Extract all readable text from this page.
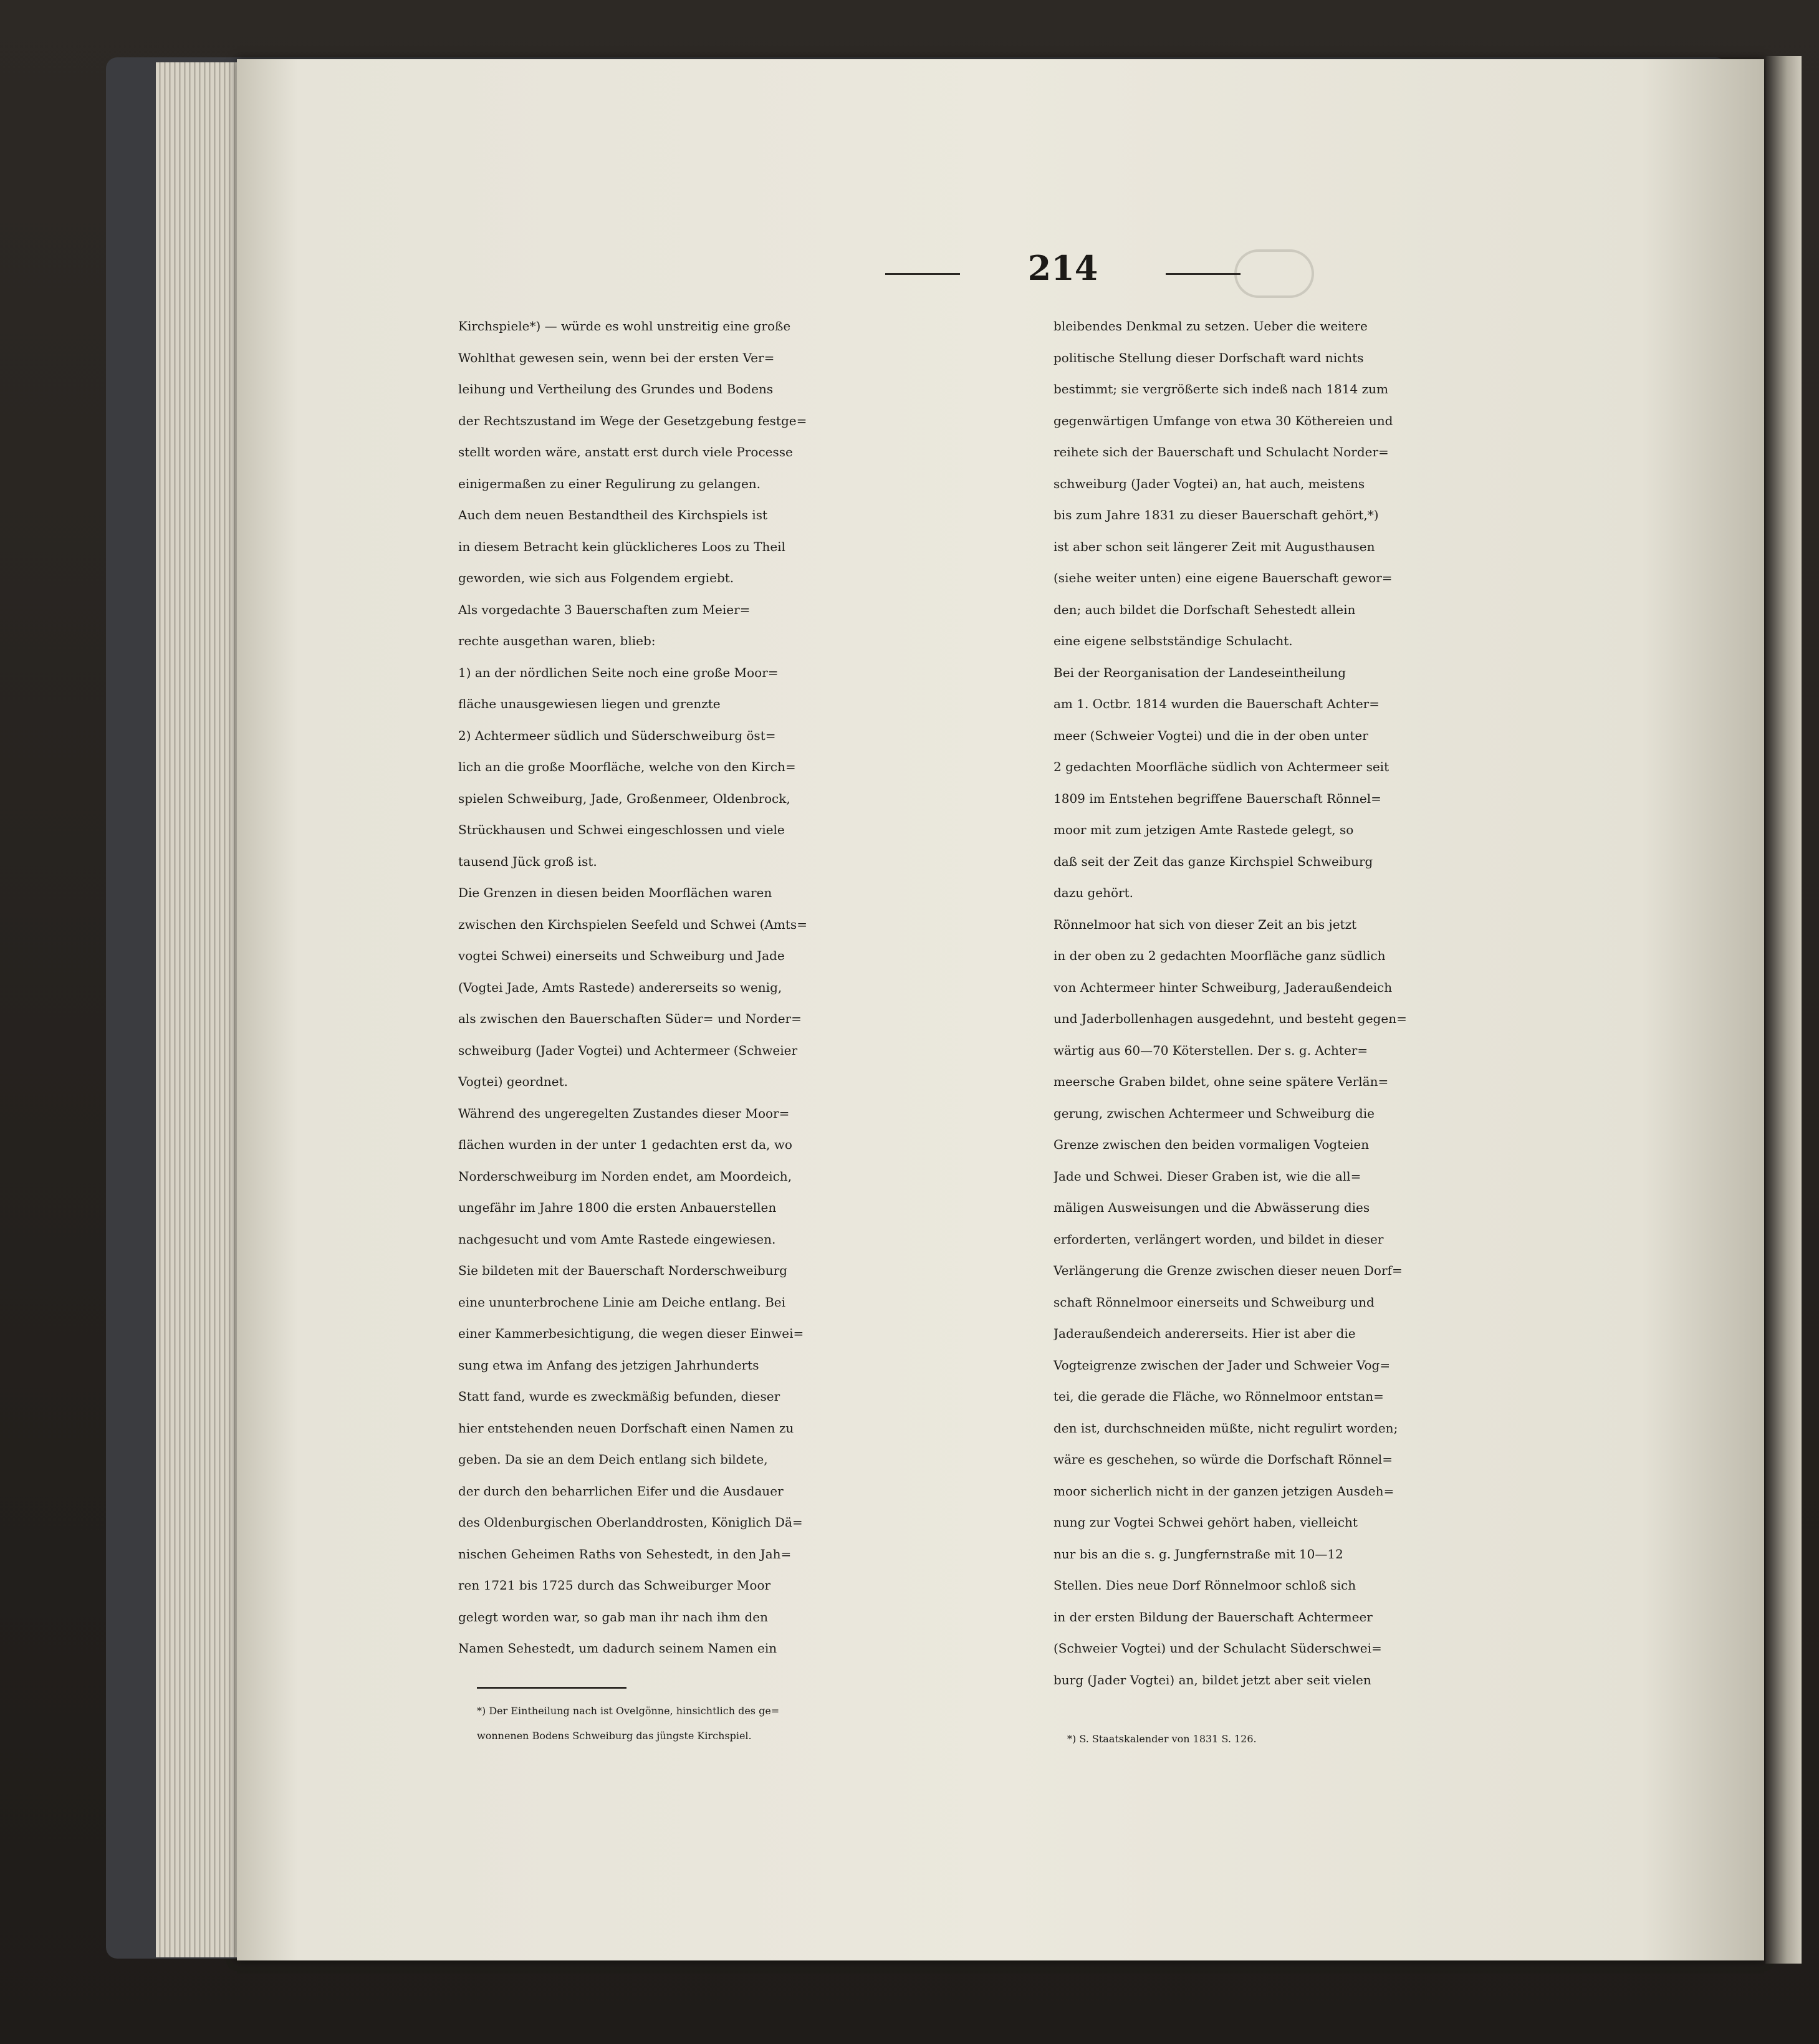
214
Kirchspiele*) — würde es wohl unstreitig eine große
Wohlthat gewesen sein, wenn bei der ersten Ver=
leihung und Vertheilung des Grundes und Bodens
der Rechtszustand im Wege der Gesetzgebung festge=
stellt worden wäre, anstatt erst durch viele Processe
einigermaßen zu einer Regulirung zu gelangen.
Auch dem neuen Bestandtheil des Kirchspiels ist
in diesem Betracht kein glücklicheres Loos zu Theil
geworden, wie sich aus Folgendem ergiebt.
Als vorgedachte 3 Bauerschaften zum Meier=
rechte ausgethan waren, blieb:
1) an der nördlichen Seite noch eine große Moor=
fläche unausgewiesen liegen und grenzte
2) Achtermeer südlich und Süderschweiburg öst=
lich an die große Moorfläche, welche von den Kirch=
spielen Schweiburg, Jade, Großenmeer, Oldenbrock,
Strückhausen und Schwei eingeschlossen und viele
tausend Jück groß ist.
Die Grenzen in diesen beiden Moorflächen waren
zwischen den Kirchspielen Seefeld und Schwei (Amts=
vogtei Schwei) einerseits und Schweiburg und Jade
(Vogtei Jade, Amts Rastede) andererseits so wenig,
als zwischen den Bauerschaften Süder= und Norder=
schweiburg (Jader Vogtei) und Achtermeer (Schweier
Vogtei) geordnet.
Während des ungeregelten Zustandes dieser Moor=
flächen wurden in der unter 1 gedachten erst da, wo
Norderschweiburg im Norden endet, am Moordeich,
ungefähr im Jahre 1800 die ersten Anbauerstellen
nachgesucht und vom Amte Rastede eingewiesen.
Sie bildeten mit der Bauerschaft Norderschweiburg
eine ununterbrochene Linie am Deiche entlang. Bei
einer Kammerbesichtigung, die wegen dieser Einwei=
sung etwa im Anfang des jetzigen Jahrhunderts
Statt fand, wurde es zweckmäßig befunden, dieser
hier entstehenden neuen Dorfschaft einen Namen zu
geben. Da sie an dem Deich entlang sich bildete,
der durch den beharrlichen Eifer und die Ausdauer
des Oldenburgischen Oberlanddrosten, Königlich Dä=
nischen Geheimen Raths von Sehestedt, in den Jah=
ren 1721 bis 1725 durch das Schweiburger Moor
gelegt worden war, so gab man ihr nach ihm den
Namen Sehestedt, um dadurch seinem Namen ein
bleibendes Denkmal zu setzen. Ueber die weitere
politische Stellung dieser Dorfschaft ward nichts
bestimmt; sie vergrößerte sich indeß nach 1814 zum
gegenwärtigen Umfange von etwa 30 Köthereien und
reihete sich der Bauerschaft und Schulacht Norder=
schweiburg (Jader Vogtei) an, hat auch, meistens
bis zum Jahre 1831 zu dieser Bauerschaft gehört,*)
ist aber schon seit längerer Zeit mit Augusthausen
(siehe weiter unten) eine eigene Bauerschaft gewor=
den; auch bildet die Dorfschaft Sehestedt allein
eine eigene selbstständige Schulacht.
Bei der Reorganisation der Landeseintheilung
am 1. Octbr. 1814 wurden die Bauerschaft Achter=
meer (Schweier Vogtei) und die in der oben unter
2 gedachten Moorfläche südlich von Achtermeer seit
1809 im Entstehen begriffene Bauerschaft Rönnel=
moor mit zum jetzigen Amte Rastede gelegt, so
daß seit der Zeit das ganze Kirchspiel Schweiburg
dazu gehört.
Rönnelmoor hat sich von dieser Zeit an bis jetzt
in der oben zu 2 gedachten Moorfläche ganz südlich
von Achtermeer hinter Schweiburg, Jaderaußendeich
und Jaderbollenhagen ausgedehnt, und besteht gegen=
wärtig aus 60—70 Köterstellen. Der s. g. Achter=
meersche Graben bildet, ohne seine spätere Verlän=
gerung, zwischen Achtermeer und Schweiburg die
Grenze zwischen den beiden vormaligen Vogteien
Jade und Schwei. Dieser Graben ist, wie die all=
mäligen Ausweisungen und die Abwässerung dies
erforderten, verlängert worden, und bildet in dieser
Verlängerung die Grenze zwischen dieser neuen Dorf=
schaft Rönnelmoor einerseits und Schweiburg und
Jaderaußendeich andererseits. Hier ist aber die
Vogteigrenze zwischen der Jader und Schweier Vog=
tei, die gerade die Fläche, wo Rönnelmoor entstan=
den ist, durchschneiden müßte, nicht regulirt worden;
wäre es geschehen, so würde die Dorfschaft Rönnel=
moor sicherlich nicht in der ganzen jetzigen Ausdeh=
nung zur Vogtei Schwei gehört haben, vielleicht
nur bis an die s. g. Jungfernstraße mit 10—12
Stellen. Dies neue Dorf Rönnelmoor schloß sich
in der ersten Bildung der Bauerschaft Achtermeer
(Schweier Vogtei) und der Schulacht Süderschwei=
burg (Jader Vogtei) an, bildet jetzt aber seit vielen
*) Der Eintheilung nach ist Ovelgönne, hinsichtlich des ge=
wonnenen Bodens Schweiburg das jüngste Kirchspiel.	*) S. Staatskalender von 1831 S. 126.
